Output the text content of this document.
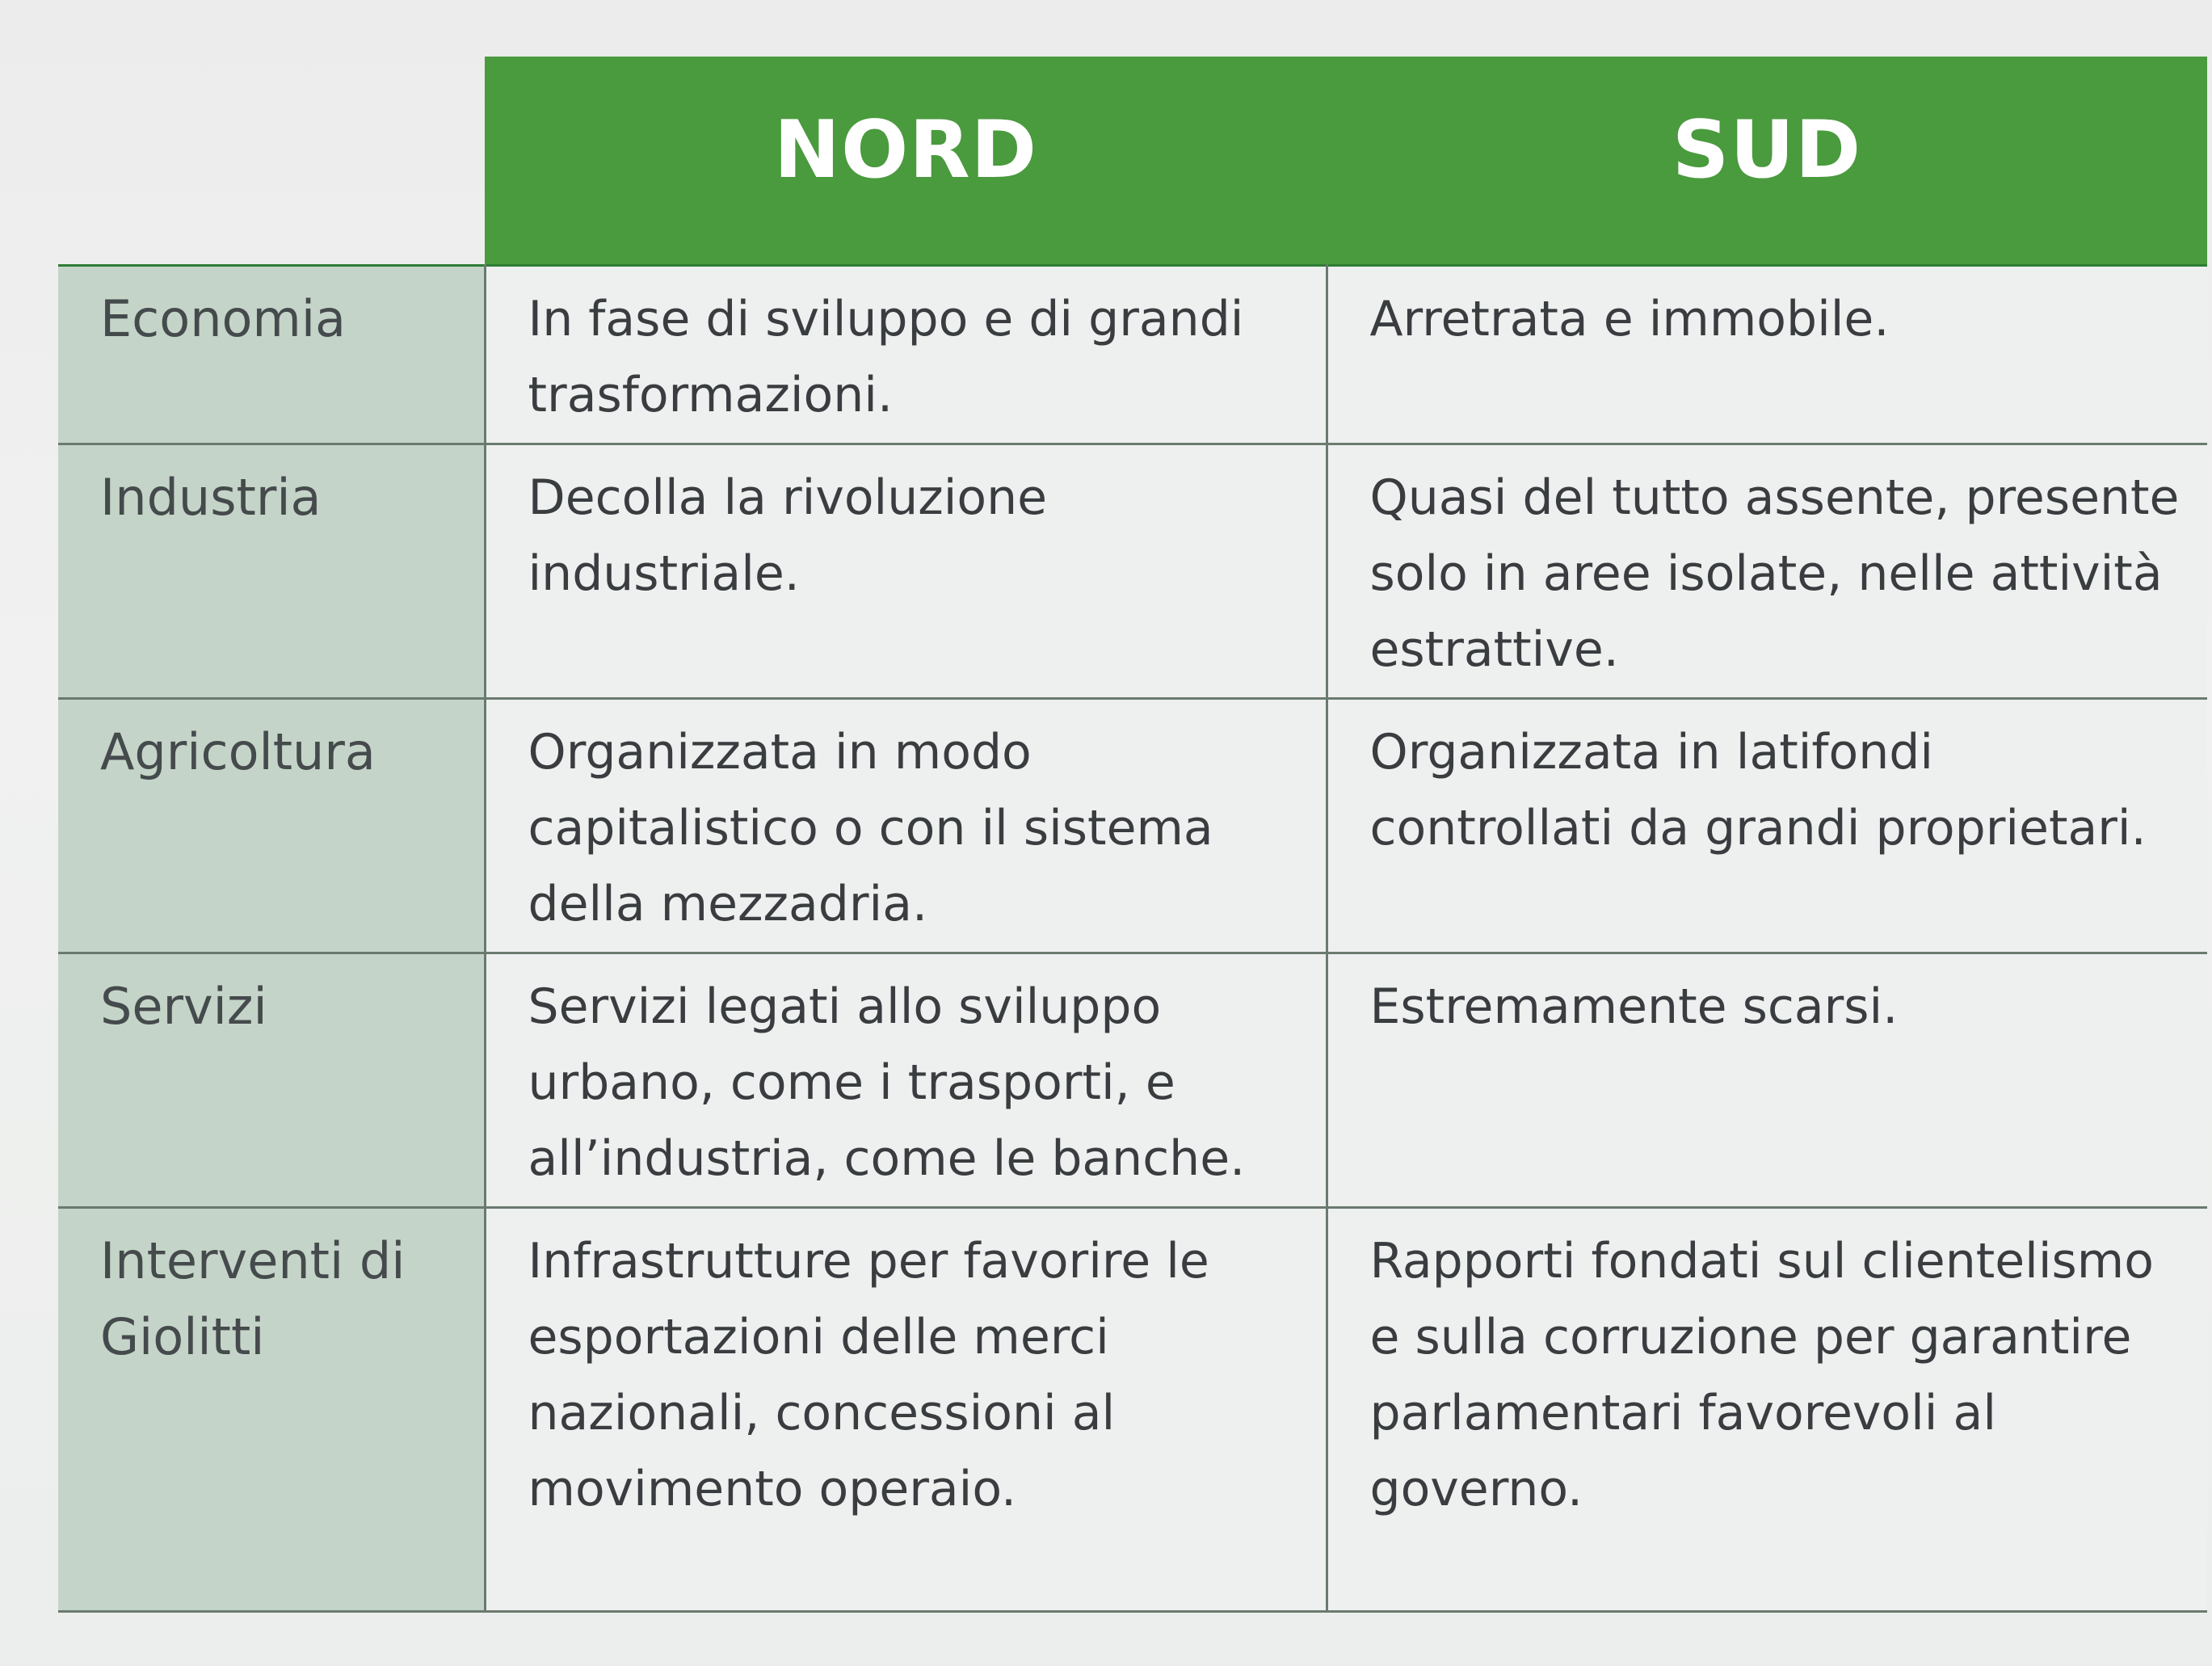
	NORD	SUD
Economia	In fase di sviluppo e di grandi trasformazioni.	Arretrata e immobile.
Industria	Decolla la rivoluzione industriale.	Quasi del tutto assente, presente solo in aree isolate, nelle attività estrattive.
Agricoltura	Organizzata in modo capitalistico o con il sistema della mezzadria.	Organizzata in latifondi controllati da grandi proprietari.
Servizi	Servizi legati allo sviluppo urbano, come i trasporti, e all’industria, come le banche.	Estremamente scarsi.
Interventi di Giolitti	Infrastrutture per favorire le esportazioni delle merci nazionali, concessioni al movimento operaio.	Rapporti fondati sul clientelismo e sulla corruzione per garantire parlamentari favorevoli al governo.
